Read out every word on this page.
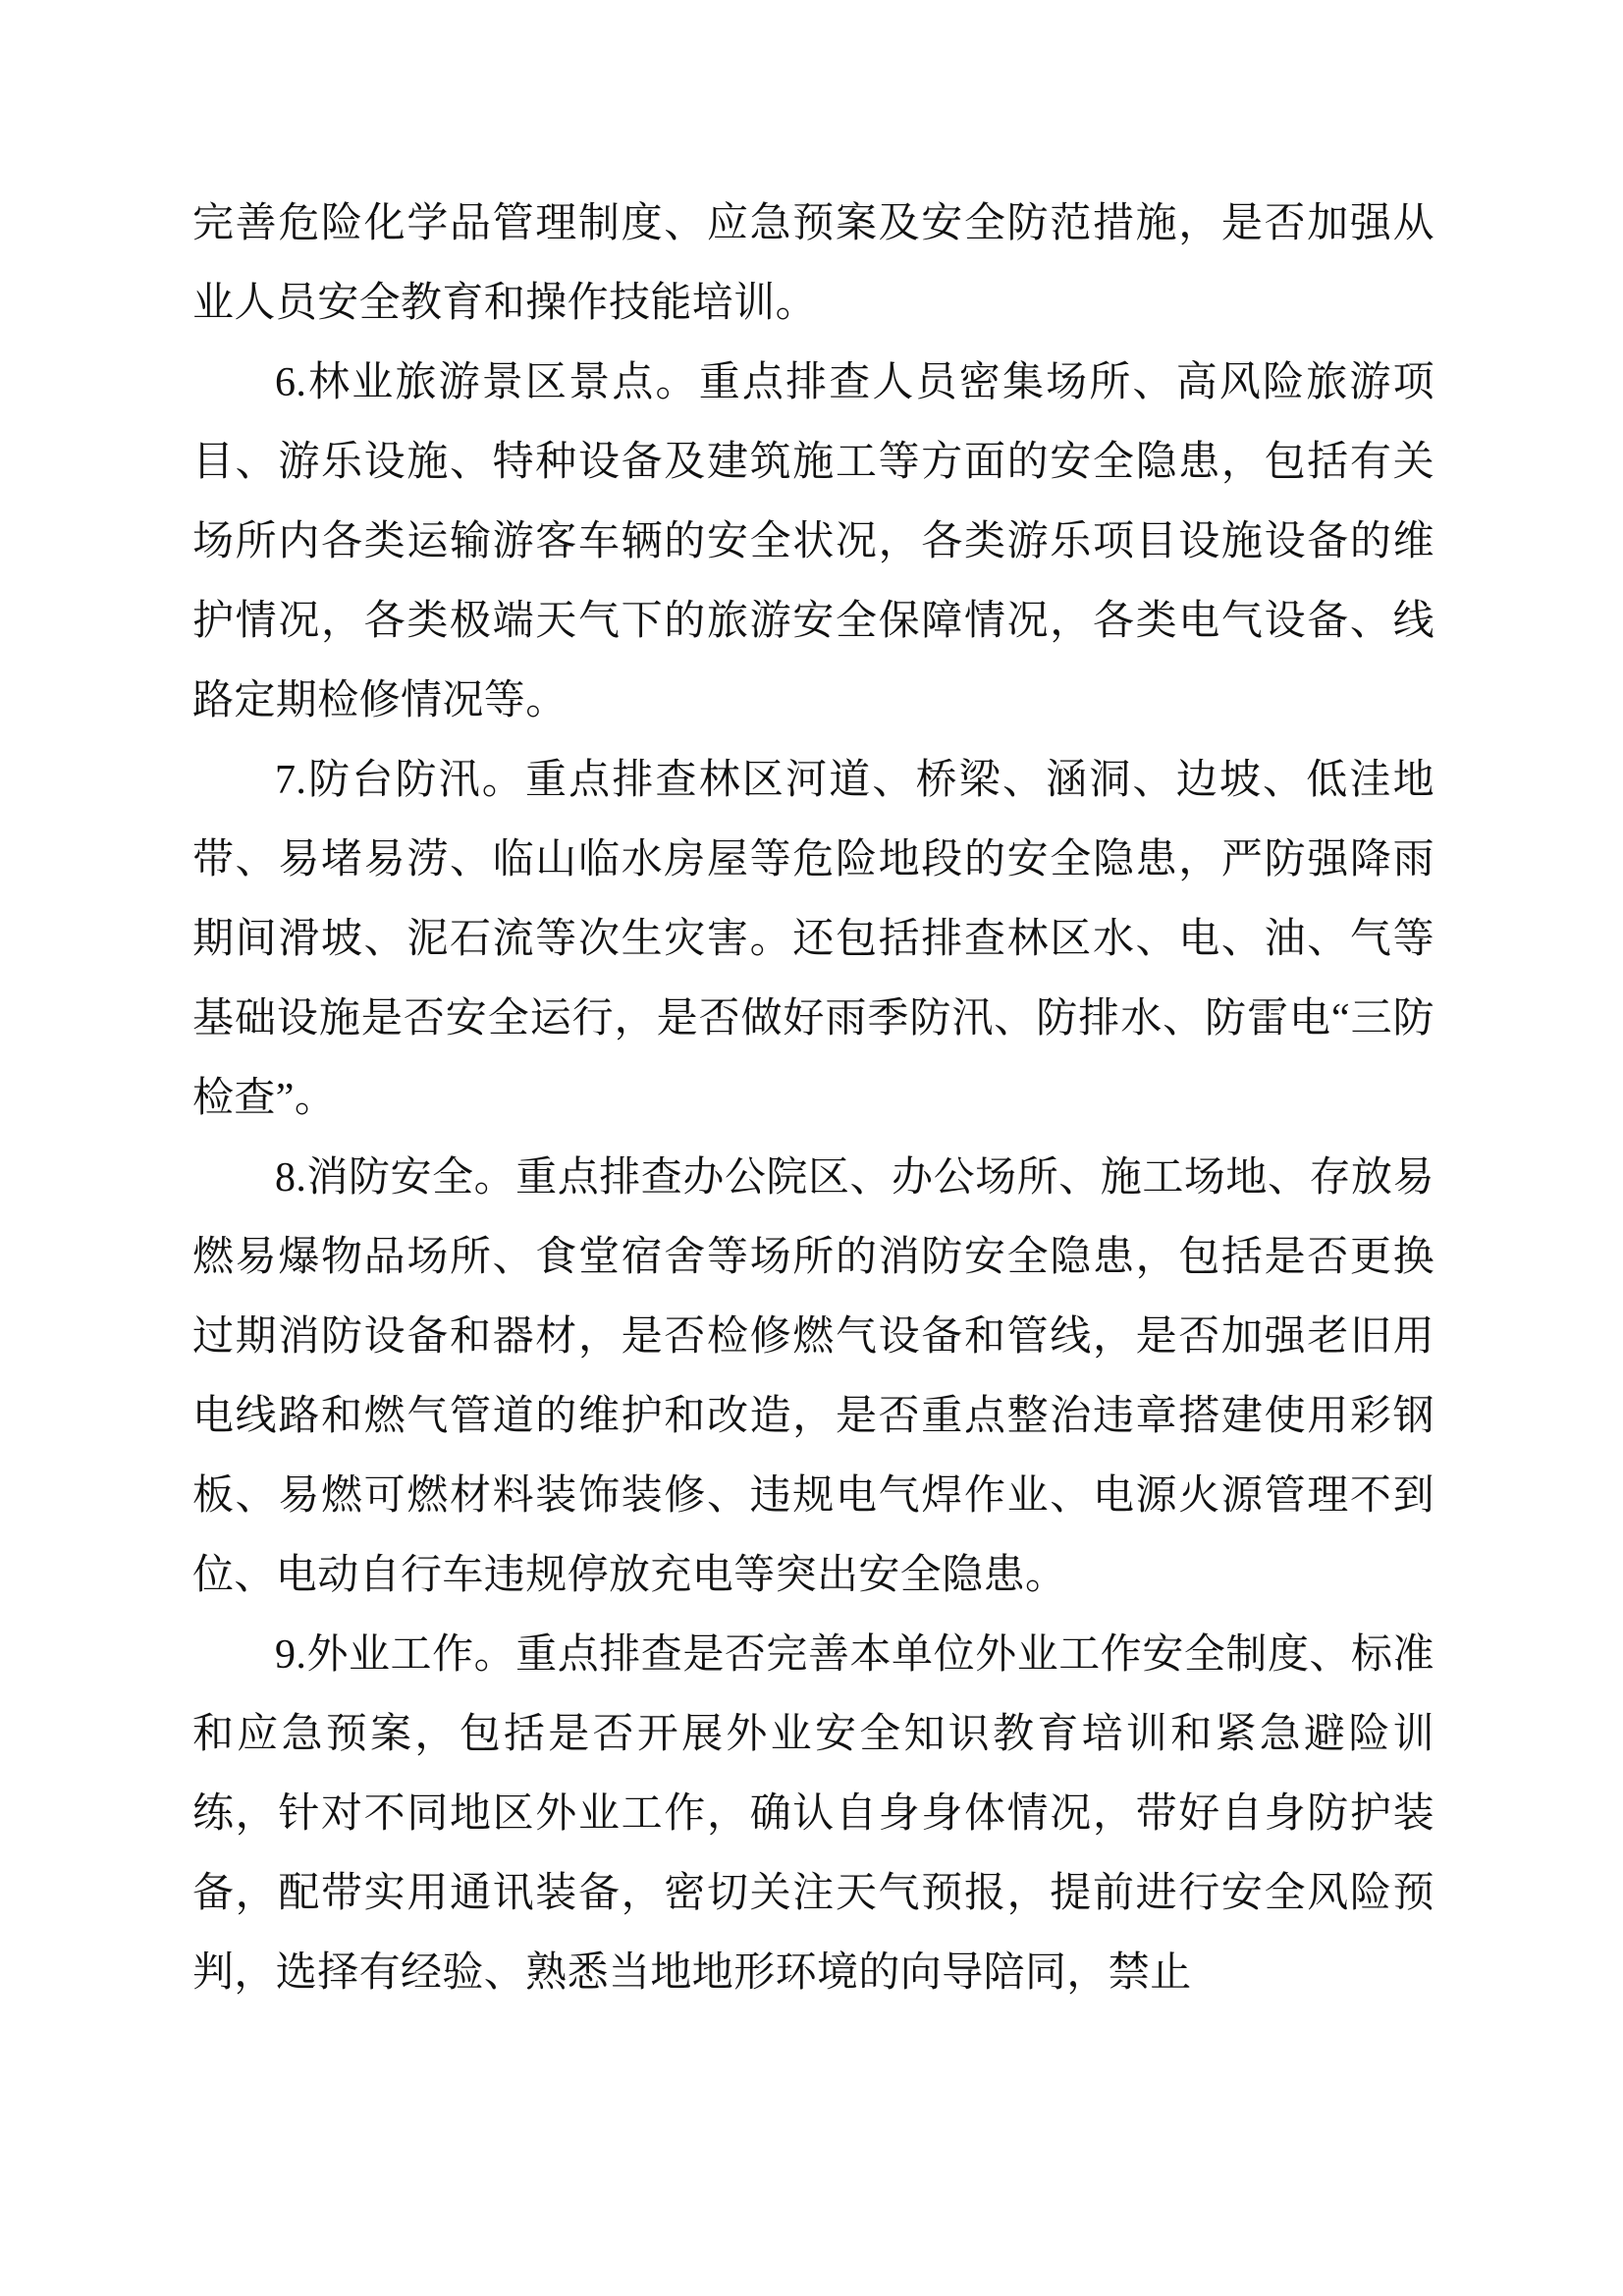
完善危险化学品管理制度、应急预案及安全防范措施，是否加强从业人员安全教育和操作技能培训。

6.林业旅游景区景点。重点排查人员密集场所、高风险旅游项目、游乐设施、特种设备及建筑施工等方面的安全隐患，包括有关场所内各类运输游客车辆的安全状况，各类游乐项目设施设备的维护情况，各类极端天气下的旅游安全保障情况，各类电气设备、线路定期检修情况等。

7.防台防汛。重点排查林区河道、桥梁、涵洞、边坡、低洼地带、易堵易涝、临山临水房屋等危险地段的安全隐患，严防强降雨期间滑坡、泥石流等次生灾害。还包括排查林区水、电、油、气等基础设施是否安全运行，是否做好雨季防汛、防排水、防雷电“三防检查”。

8.消防安全。重点排查办公院区、办公场所、施工场地、存放易燃易爆物品场所、食堂宿舍等场所的消防安全隐患，包括是否更换过期消防设备和器材，是否检修燃气设备和管线，是否加强老旧用电线路和燃气管道的维护和改造，是否重点整治违章搭建使用彩钢板、易燃可燃材料装饰装修、违规电气焊作业、电源火源管理不到位、电动自行车违规停放充电等突出安全隐患。

9.外业工作。重点排查是否完善本单位外业工作安全制度、标准和应急预案，包括是否开展外业安全知识教育培训和紧急避险训练，针对不同地区外业工作，确认自身身体情况，带好自身防护装备，配带实用通讯装备，密切关注天气预报，提前进行安全风险预判，选择有经验、熟悉当地地形环境的向导陪同，禁止
